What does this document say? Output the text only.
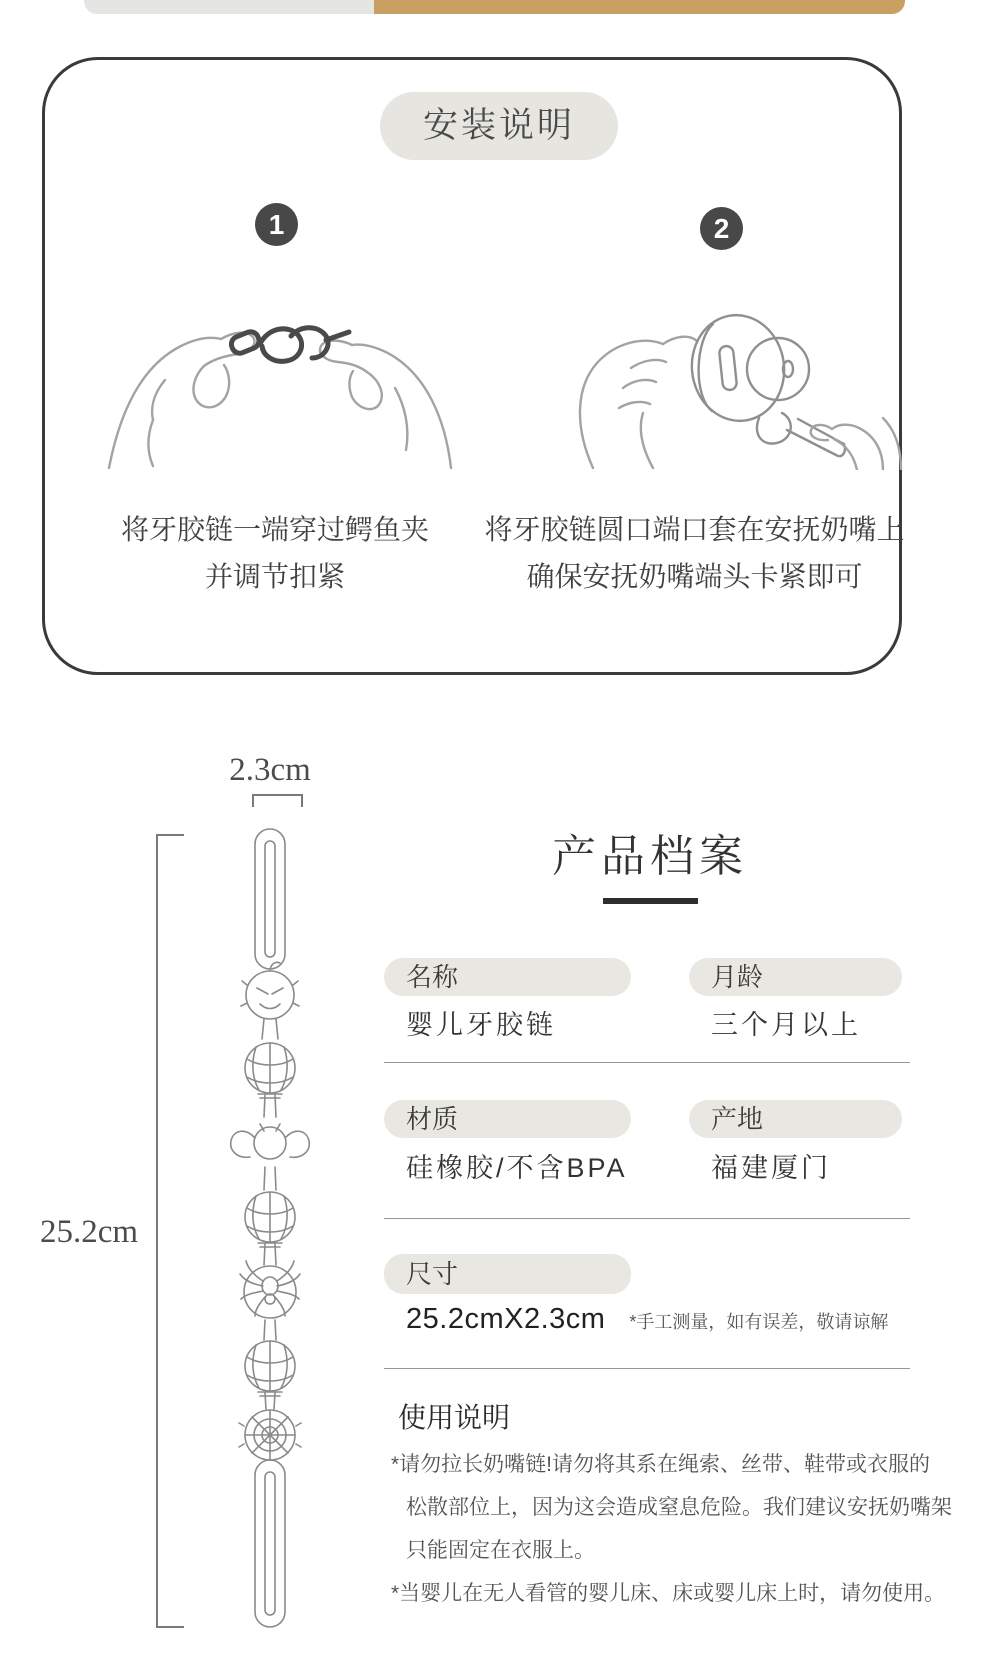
安装说明
1	2
将牙胶链一端穿过鳄鱼夹
并调节扣紧
将牙胶链圆口端口套在安抚奶嘴上
确保安抚奶嘴端头卡紧即可
2.3cm
25.2cm
产品档案
名称	月龄
婴儿牙胶链	三个月以上
材质	产地
硅橡胶/不含BPA	福建厦门
尺寸
25.2cmX2.3cm *手工测量，如有误差，敬请谅解
使用说明
*请勿拉长奶嘴链!请勿将其系在绳索、丝带、鞋带或衣服的
松散部位上，因为这会造成窒息危险。我们建议安抚奶嘴架
只能固定在衣服上。
*当婴儿在无人看管的婴儿床、床或婴儿床上时，请勿使用。
